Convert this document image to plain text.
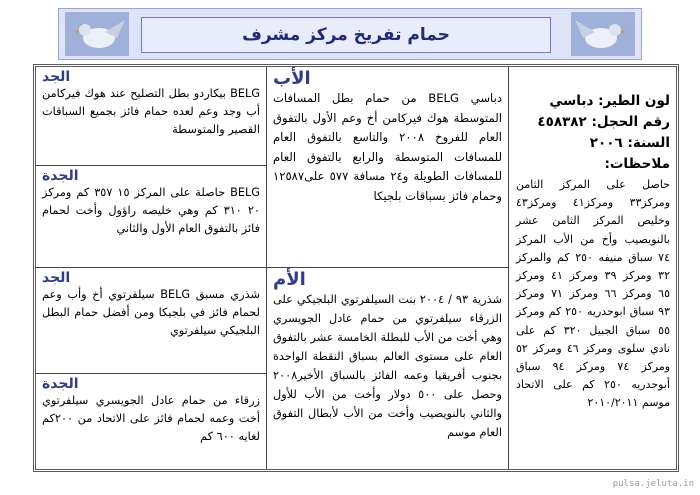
حمام تفريخ مركز مشرف
الجد

BELG بيكاردو بطل التصليح عند هوك فيركامن أب وجد وعم لعده حمام فائز بجميع السباقات القصير والمتوسطة

الجدة

BELG حاصلة على المركز ١٥ ٣٥٧ كم ومركز ٢٠ ٣١٠ كم وهي خليصه راؤول وأخت لحمام فائز بالتفوق العام الأول والثاني

الجد

شذري مسبق BELG سيلفرتوي أخ وأب وعم لحمام فائز في بلجيكا ومن أفضل حمام البطل البلجيكي سيلفرتوي

الجدة

زرقاء من حمام عادل الجويسري سيلفرتوي أخت وعمه لحمام فائز على الاتحاد من ٢٠٠كم لغايه ٦٠٠ كم

الأب

دباسي BELG من حمام بطل المسافات المتوسطة هوك فيركامن أخ وعم الأول بالتفوق العام للفروخ ٢٠٠٨ والتاسع بالتفوق العام للمسافات المتوسطة والرابع بالتفوق العام للمسافات الطويلة و٢٤ مسافة ٥٧٧ على١٢٥٨٧ وحمام فائز بسباقات بلجيكا

الأم

شذرية ٩٣ / ٢٠٠٤ بنت السيلفرتوي البلجيكي على الزرقاء سيلفرتوي من حمام عادل الجويسري وهي أخت من الأب للبطلة الخامسة عشر بالتفوق العام على مستوى العالم بسباق النقطة الواحدة بجنوب أفريقيا وعمه الفائز بالسباق الأخير٢٠٠٨ وحصل على ٥٠٠ دولار وأخت من الأب للأول والثاني بالنويصيب وأخت من الأب لأبطال التفوق العام موسم

لون الطير: دباسي
رقم الحجل: ٤٥٨٣٨٢
السنة: ٢٠٠٦
ملاحظات:
حاصل على المركز الثامن ومركز٣٣ ومركز٤١ ومركز٤٣ وخليص المركز الثامن عشر بالنويصيب وأخ من الأب المركز ٧٤ سباق منيفه ٢٥٠ كم والمركز ٣٢ ومركز ٣٩ ومركز ٤١ ومركز ٦٥ ومركز ٦٦ ومركز ٧١ ومركز ٩٣ سباق ابوحدريه ٢٥٠ كم ومركز ٥٥ سباق الجبيل ٣٢٠ كم على نادي سلوى ومركز ٤٦ ومركز ٥٢ ومركز ٧٤ ومركز ٩٤ سباق أبوحدريه ٢٥٠ كم على الاتحاد موسم ٢٠١٠/٢٠١١
pulsa.jeluta.in
